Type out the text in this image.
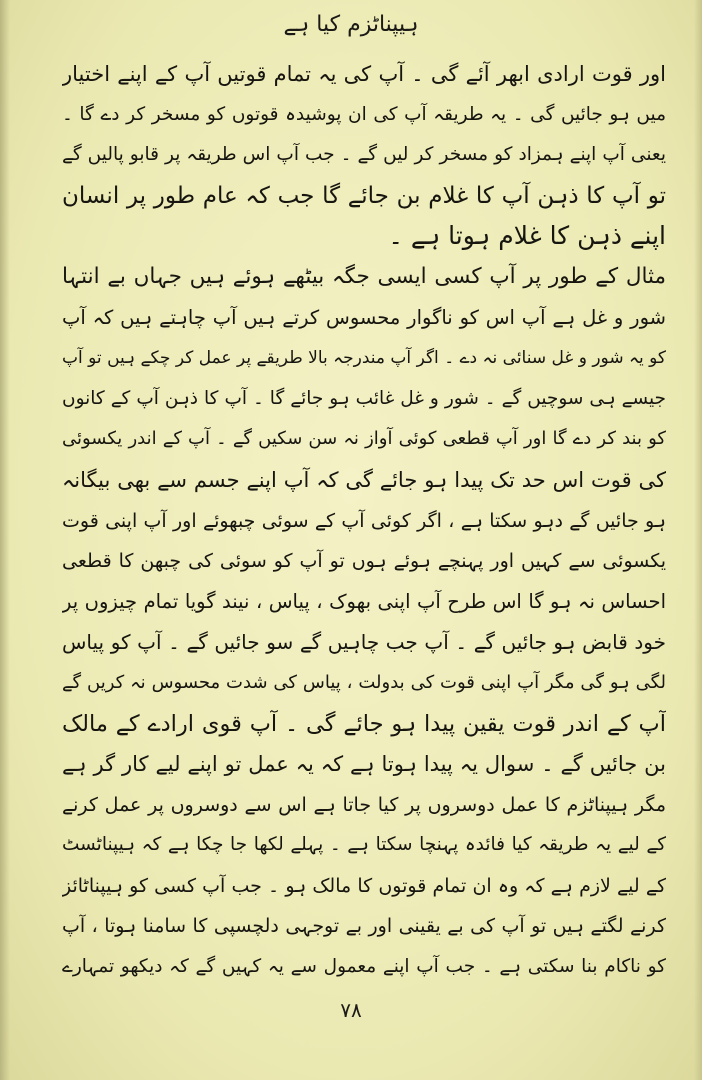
ہیپناٹزم کیا ہے
اور قوت ارادی ابھر آئے گی ۔ آپ کی یہ تمام قوتیں آپ کے اپنے اختیار
میں ہو جائیں گی ۔ یہ طریقہ آپ کی ان پوشیدہ قوتوں کو مسخر کر دے گا ۔
یعنی آپ اپنے ہمزاد کو مسخر کر لیں گے ۔ جب آپ اس طریقہ پر قابو پالیں گے
تو آپ کا ذہن آپ کا غلام بن جائے گا جب کہ عام طور پر انسان
اپنے ذہن کا غلام ہوتا ہے ۔
مثال کے طور پر آپ کسی ایسی جگہ بیٹھے ہوئے ہیں جہاں بے انتہا
شور و غل ہے آپ اس کو ناگوار محسوس کرتے ہیں آپ چاہتے ہیں کہ آپ
کو یہ شور و غل سنائی نہ دے ۔ اگر آپ مندرجہ بالا طریقے پر عمل کر چکے ہیں تو آپ
جیسے ہی سوچیں گے ۔ شور و غل غائب ہو جائے گا ۔ آپ کا ذہن آپ کے کانوں
کو بند کر دے گا اور آپ قطعی کوئی آواز نہ سن سکیں گے ۔ آپ کے اندر یکسوئی
کی قوت اس حد تک پیدا ہو جائے گی کہ آپ اپنے جسم سے بھی بیگانہ
ہو جائیں گے دہو سکتا ہے ، اگر کوئی آپ کے سوئی چبھوئے اور آپ اپنی قوت
یکسوئی سے کہیں اور پہنچے ہوئے ہوں تو آپ کو سوئی کی چبھن کا قطعی
احساس نہ ہو گا اس طرح آپ اپنی بھوک ، پیاس ، نیند گویا تمام چیزوں پر
خود قابض ہو جائیں گے ۔ آپ جب چاہیں گے سو جائیں گے ۔ آپ کو پیاس
لگی ہو گی مگر آپ اپنی قوت کی بدولت ، پیاس کی شدت محسوس نہ کریں گے
آپ کے اندر قوت یقین پیدا ہو جائے گی ۔ آپ قوی ارادے کے مالک
بن جائیں گے ۔ سوال یہ پیدا ہوتا ہے کہ یہ عمل تو اپنے لیے کار گر ہے
مگر ہیپناٹزم کا عمل دوسروں پر کیا جاتا ہے اس سے دوسروں پر عمل کرنے
کے لیے یہ طریقہ کیا فائدہ پہنچا سکتا ہے ۔ پہلے لکھا جا چکا ہے کہ ہیپناٹسٹ
کے لیے لازم ہے کہ وہ ان تمام قوتوں کا مالک ہو ۔ جب آپ کسی کو ہیپناٹائز
کرنے لگتے ہیں تو آپ کی بے یقینی اور بے توجہی دلچسپی کا سامنا ہوتا ، آپ
کو ناکام بنا سکتی ہے ۔ جب آپ اپنے معمول سے یہ کہیں گے کہ دیکھو تمہارے
۷۸
